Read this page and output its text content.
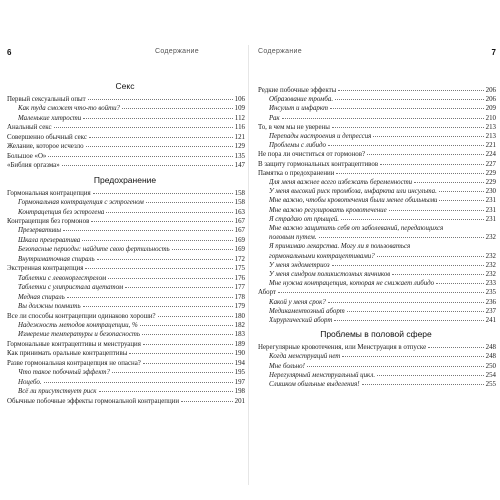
6	Содержание
Секс
Первый сексуальный опыт	106
Как туда сможет что-то войти?	109
Маленькие хитрости	112
Анальный секс	116
Совершенно обычный секс	121
Желание, которое исчезло	129
Большое «О»	135
«Библия оргазма»	147
Предохранение
Гормональная контрацепция	158
Гормональная контрацепция с эстрогеном	158
Контрацепция без эстрогена	163
Контрацепция без гормонов	167
Презервативы	167
Шкала презерватива	169
Безопасные периоды: найдите свою фертильность	169
Внутриматочная спираль	172
Экстренная контрацепция	175
Таблетки с левоноргестрелом	176
Таблетки с улипристала ацетатом	177
Медная спираль	178
Вы должны помнить	179
Все ли способы контрацепции одинаково хороши?	180
Надежность методов контрацепции, %	182
Измерение температуры и безопасность	183
Гормональные контрацептивы и менструация	189
Как принимать оральные контрацептивы	190
Разве гормональная контрацепция не опасна?	194
Что такое побочный эффект?	195
Ноцебо.	197
Всё ли присутствует риск	198
Обычные побочные эффекты гормональной контрацепции	201
Содержание	7
Редкие побочные эффекты	206
Образование тромба.	206
Инсульт и инфаркт	209
Рак	210
То, в чем мы не уверены	213
Перепады настроения и депрессия	213
Проблемы с либидо	221
Не пора ли очиститься от гормонов?	224
В защиту гормональных контрацептивов	227
Памятка о предохранении	229
Для меня важнее всего избежать беременности	229
У меня высокий риск тромбоза, инфаркта или инсульта.	230
Мне важно, чтобы кровотечения были менее обильными	231
Мне важно регулировать кровотечение	231
Я страдаю от прыщей.	231
Мне важно защитить себя от заболеваний, передающихся
половым путем.	232
Я принимаю лекарства. Могу ли я пользоваться
гормональными контрацептивами?	232
У меня эндометриоз	232
У меня синдром поликистозных яичников	232
Мне нужна контрацепция, которая не снижает либидо	233
Аборт	235
Какой у меня срок?	236
Медикаментозный аборт	237
Хирургический аборт	241
Проблемы в половой сфере
Нерегулярные кровотечения, или Менструация в отпуске	248
Когда менструаций нет	248
Мне больно!	250
Нерегулярный менструальный цикл.	254
Слишком обильные выделения!	255
